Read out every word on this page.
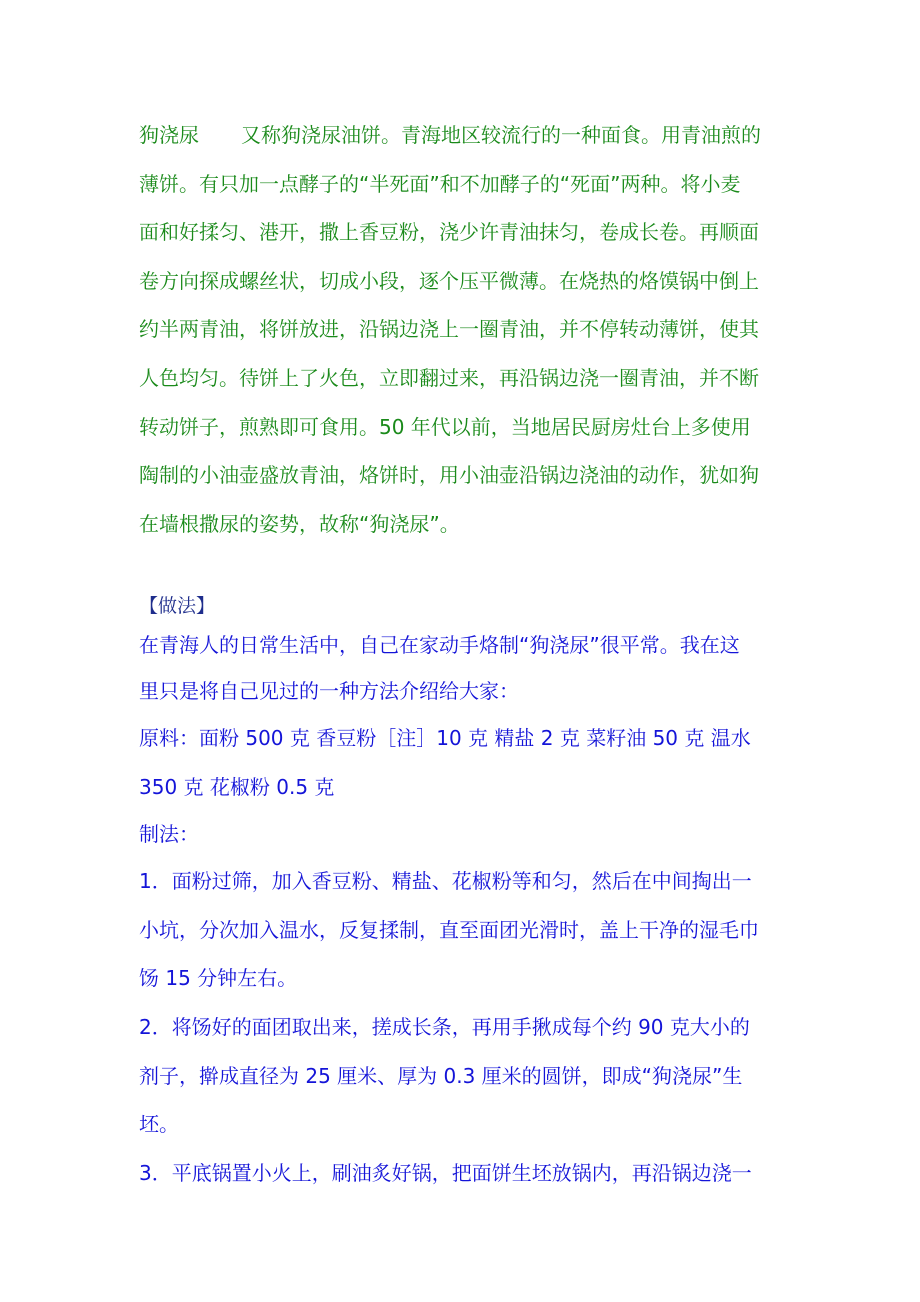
狗浇尿 又称狗浇尿油饼。青海地区较流行的一种面食。用青油煎的

薄饼。有只加一点酵子的“半死面”和不加酵子的“死面”两种。将小麦

面和好揉匀、港开，撒上香豆粉，浇少许青油抹匀，卷成长卷。再顺面

卷方向探成螺丝状，切成小段，逐个压平微薄。在烧热的烙馍锅中倒上

约半两青油，将饼放进，沿锅边浇上一圈青油，并不停转动薄饼，使其

人色均匀。待饼上了火色，立即翻过来，再沿锅边浇一圈青油，并不断

转动饼子，煎熟即可食用。50 年代以前，当地居民厨房灶台上多使用

陶制的小油壶盛放青油，烙饼时，用小油壶沿锅边浇油的动作，犹如狗

在墙根撒尿的姿势，故称“狗浇尿”。

【做法】

在青海人的日常生活中，自己在家动手烙制“狗浇尿”很平常。我在这

里只是将自己见过的一种方法介绍给大家：

原料：面粉 500 克 香豆粉［注］10 克 精盐 2 克 菜籽油 50 克 温水

350 克 花椒粉 0.5 克

制法：

1．面粉过筛，加入香豆粉、精盐、花椒粉等和匀，然后在中间掏出一

小坑，分次加入温水，反复揉制，直至面团光滑时，盖上干净的湿毛巾

饧 15 分钟左右。

2．将饧好的面团取出来，搓成长条，再用手揪成每个约 90 克大小的

剂子，擀成直径为 25 厘米、厚为 0.3 厘米的圆饼，即成“狗浇尿”生

坯。

3．平底锅置小火上，刷油炙好锅，把面饼生坯放锅内，再沿锅边浇一
